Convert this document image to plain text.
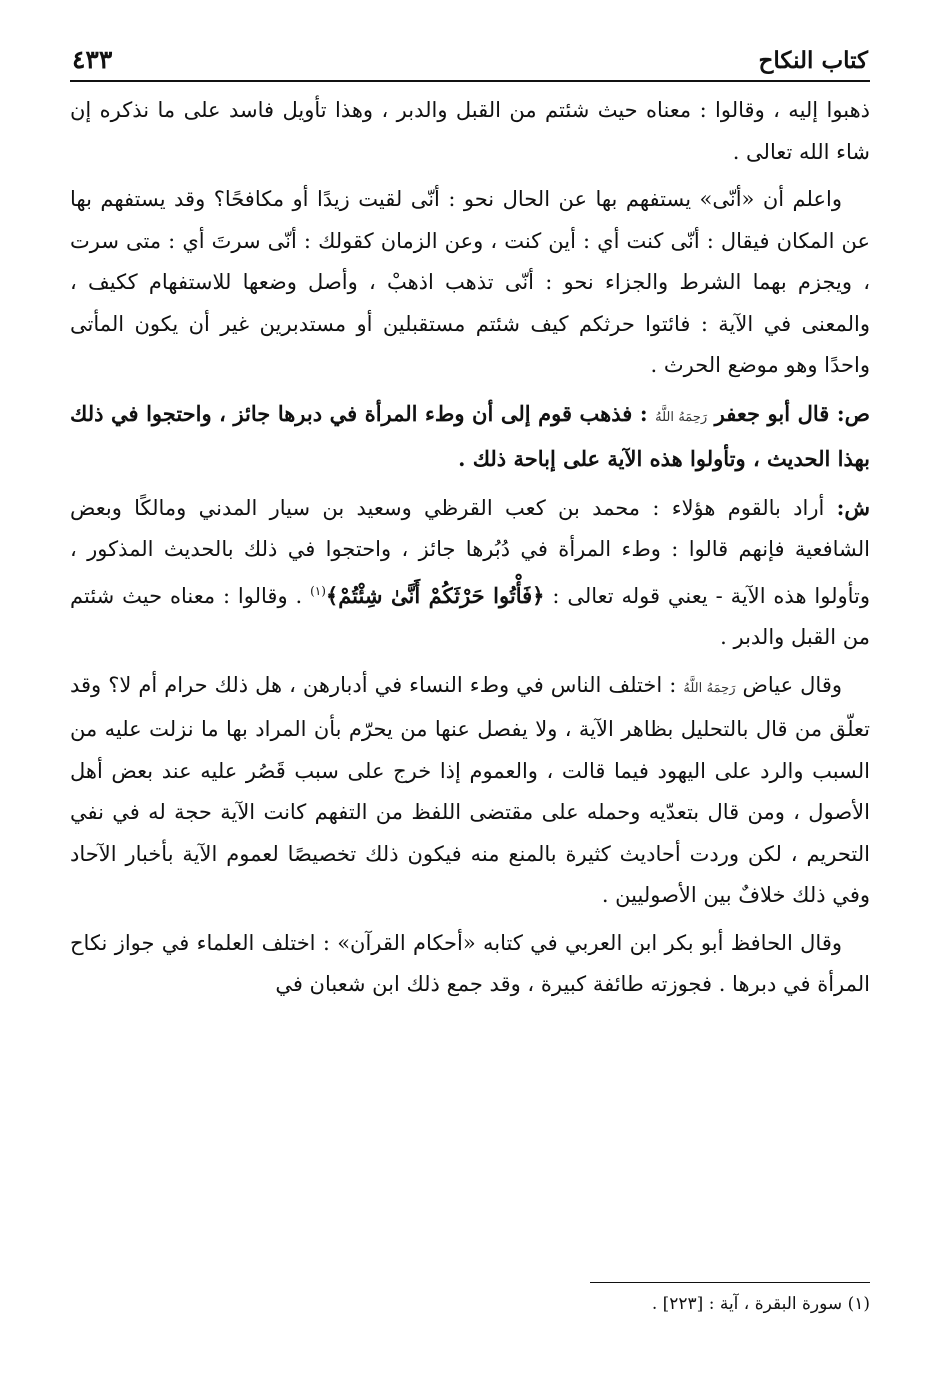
كتاب النكاح
٤٣٣

ذهبوا إليه ، وقالوا : معناه حيث شئتم من القبل والدبر ، وهذا تأويل فاسد على ما نذكره إن شاء الله تعالى .

واعلم أن «أنّى» يستفهم بها عن الحال نحو : أنّى لقيت زيدًا أو مكافحًا؟ وقد يستفهم بها عن المكان فيقال : أنّى كنت أي : أين كنت ، وعن الزمان كقولك : أنّى سرتَ أي : متى سرت ، ويجزم بهما الشرط والجزاء نحو : أنّى تذهب اذهبْ ، وأصل وضعها للاستفهام ككيف ، والمعنى في الآية : فائتوا حرثكم كيف شئتم مستقبلين أو مستدبرين غير أن يكون المأتى واحدًا وهو موضع الحرث .

ص: قال أبو جعفر رَحِمَهُ اللَّهُ : فذهب قوم إلى أن وطء المرأة في دبرها جائز ، واحتجوا في ذلك بهذا الحديث ، وتأولوا هذه الآية على إباحة ذلك .

ش: أراد بالقوم هؤلاء : محمد بن كعب القرظي وسعيد بن سيار المدني ومالكًا وبعض الشافعية فإنهم قالوا : وطء المرأة في دُبُرها جائز ، واحتجوا في ذلك بالحديث المذكور ، وتأولوا هذه الآية - يعني قوله تعالى : ﴿فَأْتُوا حَرْثَكُمْ أَنَّىٰ شِئْتُمْ﴾$^{(١)}$ . وقالوا : معناه حيث شئتم من القبل والدبر .

وقال عياض رَحِمَهُ اللَّهُ : اختلف الناس في وطء النساء في أدبارهن ، هل ذلك حرام أم لا؟ وقد تعلّق من قال بالتحليل بظاهر الآية ، ولا يفصل عنها من يحرّم بأن المراد بها ما نزلت عليه من السبب والرد على اليهود فيما قالت ، والعموم إذا خرج على سبب قَصُر عليه عند بعض أهل الأصول ، ومن قال بتعدّيه وحمله على مقتضى اللفظ من التفهم كانت الآية حجة له في نفي التحريم ، لكن وردت أحاديث كثيرة بالمنع منه فيكون ذلك تخصيصًا لعموم الآية بأخبار الآحاد وفي ذلك خلافٌ بين الأصوليين .

وقال الحافظ أبو بكر ابن العربي في كتابه «أحكام القرآن» : اختلف العلماء في جواز نكاح المرأة في دبرها . فجوزته طائفة كبيرة ، وقد جمع ذلك ابن شعبان في

(١) سورة البقرة ، آية : [٢٢٣] .
